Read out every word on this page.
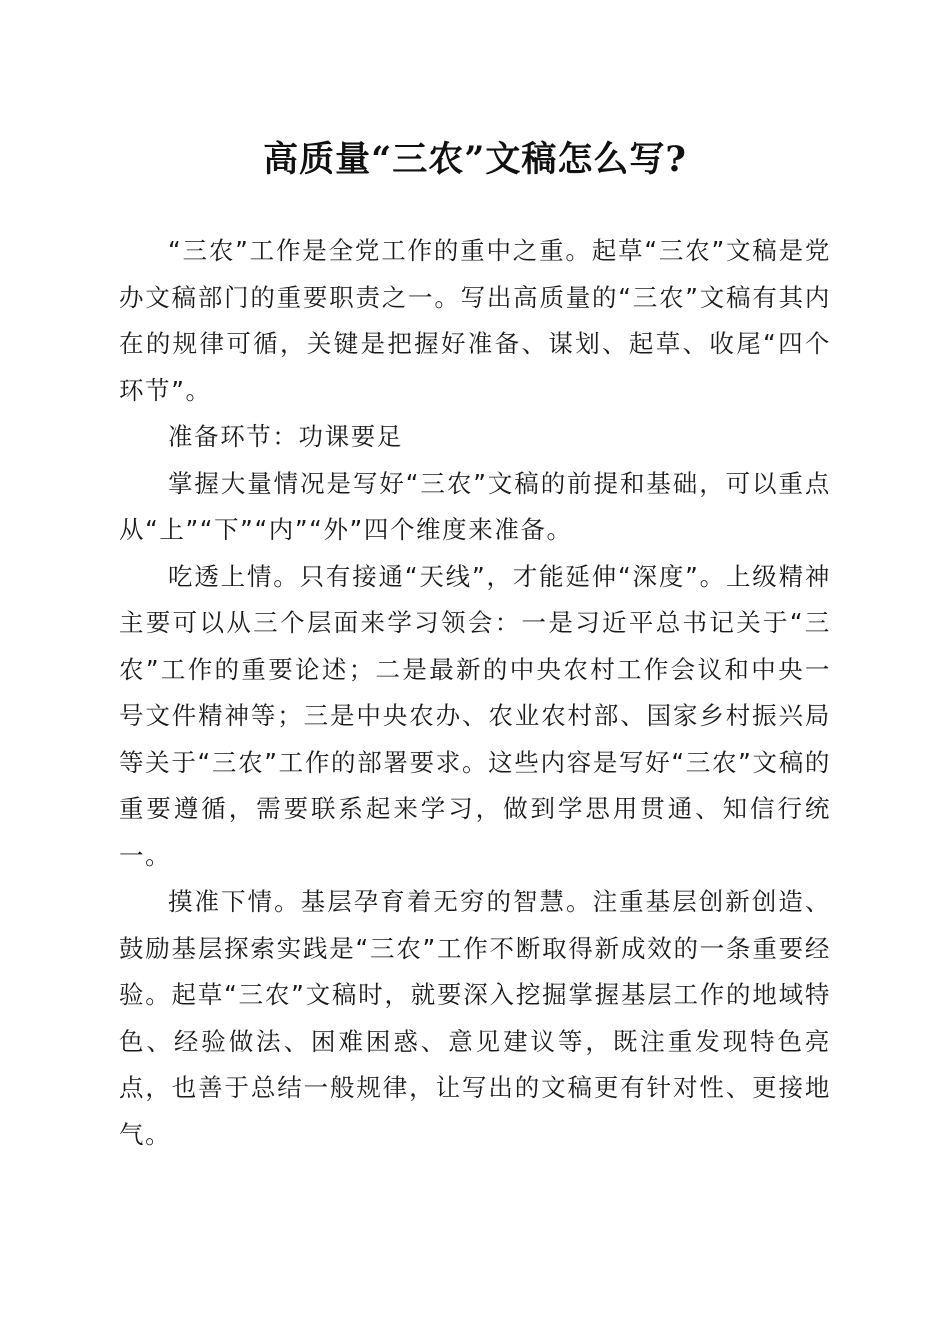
高质量“三农”文稿怎么写?

“三农”工作是全党工作的重中之重。起草“三农”文稿是党办文稿部门的重要职责之一。写出高质量的“三农”文稿有其内在的规律可循，关键是把握好准备、谋划、起草、收尾“四个环节”。

准备环节：功课要足

掌握大量情况是写好“三农”文稿的前提和基础，可以重点从“上”“下”“内”“外”四个维度来准备。

吃透上情。只有接通“天线”，才能延伸“深度”。上级精神主要可以从三个层面来学习领会：一是习近平总书记关于“三农”工作的重要论述；二是最新的中央农村工作会议和中央一号文件精神等；三是中央农办、农业农村部、国家乡村振兴局等关于“三农”工作的部署要求。这些内容是写好“三农”文稿的重要遵循，需要联系起来学习，做到学思用贯通、知信行统一。

摸准下情。基层孕育着无穷的智慧。注重基层创新创造、鼓励基层探索实践是“三农”工作不断取得新成效的一条重要经验。起草“三农”文稿时，就要深入挖掘掌握基层工作的地域特色、经验做法、困难困惑、意见建议等，既注重发现特色亮点，也善于总结一般规律，让写出的文稿更有针对性、更接地气。
